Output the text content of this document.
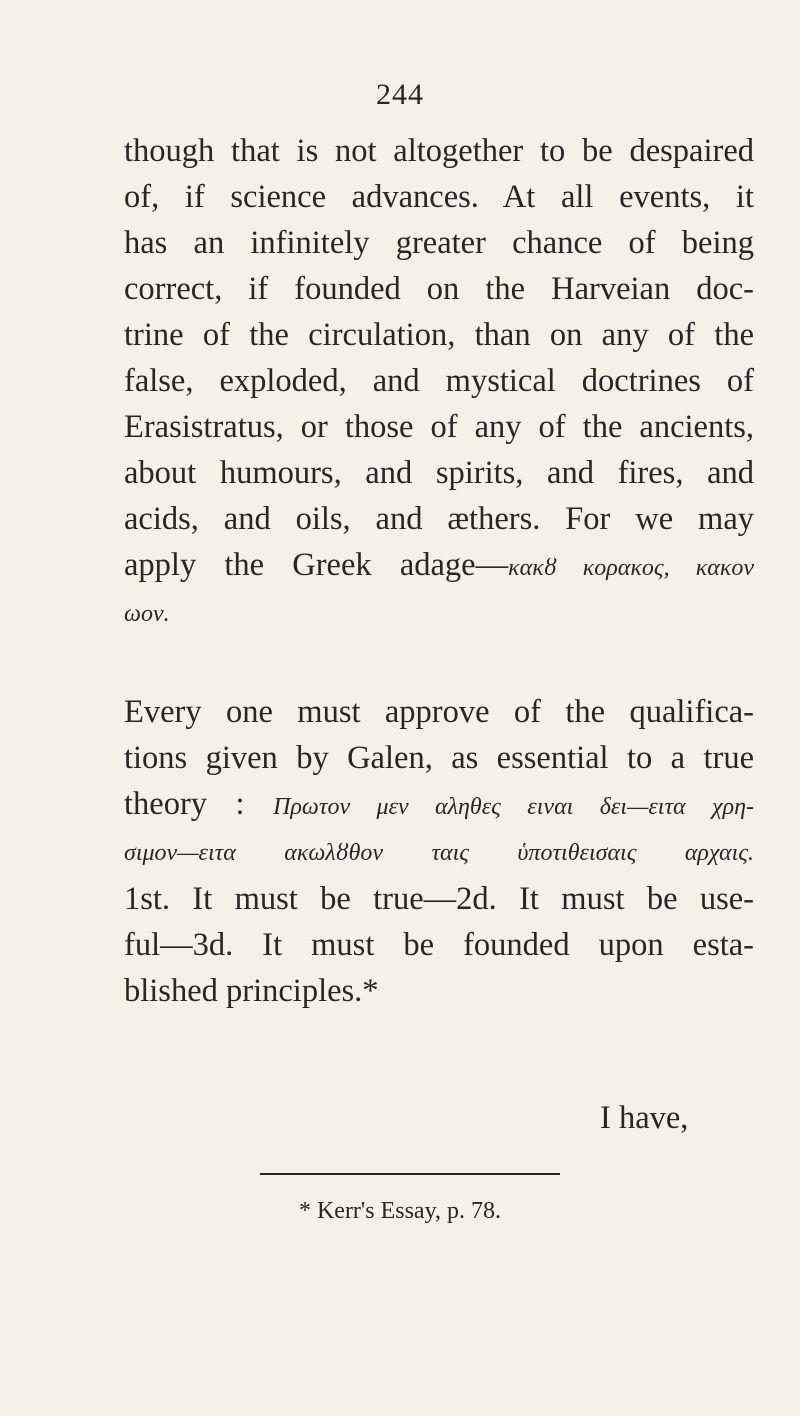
244
though that is not altogether to be despaired
of, if science advances. At all events, it
has an infinitely greater chance of being
correct, if founded on the Harveian doc-
trine of the circulation, than on any of the
false, exploded, and mystical doctrines of
Erasistratus, or those of any of the ancients,
about humours, and spirits, and fires, and
acids, and oils, and æthers. For we may
apply the Greek adage—κακȣ κορακος, κακον
ωον.
Every one must approve of the qualifica-
tions given by Galen, as essential to a true
theory : Πρωτον μεν αληθες ειναι δει—ειτα χρη-
σιμον—ειτα ακωλȣθον ταις ὑποτιθεισαις αρχαις.
1st. It must be true—2d. It must be use-
ful—3d. It must be founded upon esta-
blished principles.*
I have,
* Kerr's Essay, p. 78.
